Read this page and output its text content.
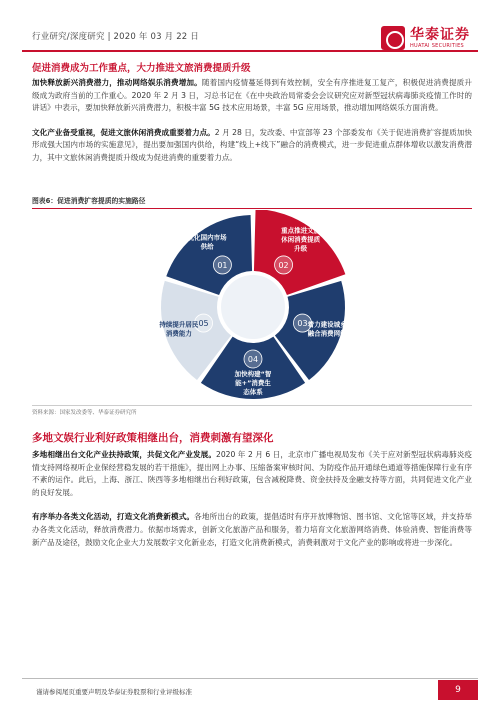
行业研究/深度研究 | 2020 年 03 月 22 日	华泰证券
HUATAI SECURITIES
促进消费成为工作重点，大力推进文旅消费提质升级

加快释放新兴消费潜力，推动网络娱乐消费增加。随着国内疫情蔓延得到有效控制，安全有序推进复工复产，积极促进消费提质升级成为政府当前的工作重心。2020 年 2 月 3 日，习总书记在《在中央政治局常委会会议研究应对新型冠状病毒肺炎疫情工作时的讲话》中表示，要加快释放新兴消费潜力，积极丰富 5G 技术应用场景，丰富 5G 应用场景，推动增加网络娱乐方面消费。

文化产业备受重视，促进文旅休闲消费成重要着力点。2 月 28 日，发改委、中宣部等 23 个部委发布《关于促进消费扩容提质加快形成强大国内市场的实施意见》，提出要加强国内供给，构建“线上+线下”融合的消费模式，进一步促进重点群体增收以激发消费潜力，其中文旅休闲消费提质升级成为促进消费的重要着力点。

图表6：促进消费扩容提质的实施路径
01
优化国内市场供给
02
重点推进文旅休闲消费提质升级
03 着力建设城乡融合消费网络
04
加快构建“智能+”消费生态体系
05
持续提升居民消费能力
资料来源：国家发改委等、华泰证券研究所
多地文娱行业利好政策相继出台，消费刺激有望深化

多地相继出台文化产业扶持政策，共促文化产业发展。2020 年 2 月 6 日，北京市广播电视局发布《关于应对新型冠状病毒肺炎疫情支持网络视听企业保经营稳发展的若干措施》，提出网上办事、压缩备案审核时间、为防疫作品开通绿色通道等措施保障行业有序不紊的运作。此后，上海、浙江、陕西等多地相继出台利好政策，包含减税降费、资金扶持及金融支持等方面，共同促进文化产业的良好发展。

有序举办各类文化活动，打造文化消费新模式。各地所出台的政策，提倡适时有序开放博物馆、图书馆、文化馆等区域，并支持举办各类文化活动，释放消费潜力。依据市场需求，创新文化旅游产品和服务，着力培育文化旅游网络消费、体验消费、智能消费等新产品及途径，鼓励文化企业大力发展数字文化新业态，打造文化消费新模式，消费刺激对于文化产业的影响或将进一步深化。

谨请参阅尾页重要声明及华泰证券股票和行业评级标准	9
